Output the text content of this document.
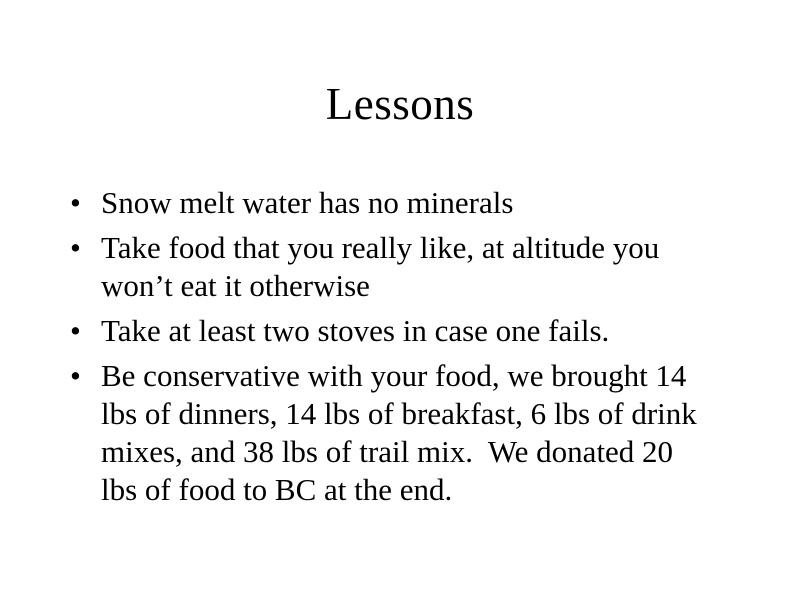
Lessons
• Snow melt water has no minerals
• Take food that you really like, at altitude you
won’t eat it otherwise
• Take at least two stoves in case one fails.
• Be conservative with your food, we brought 14
lbs of dinners, 14 lbs of breakfast, 6 lbs of drink
mixes, and 38 lbs of trail mix.  We donated 20
lbs of food to BC at the end.
